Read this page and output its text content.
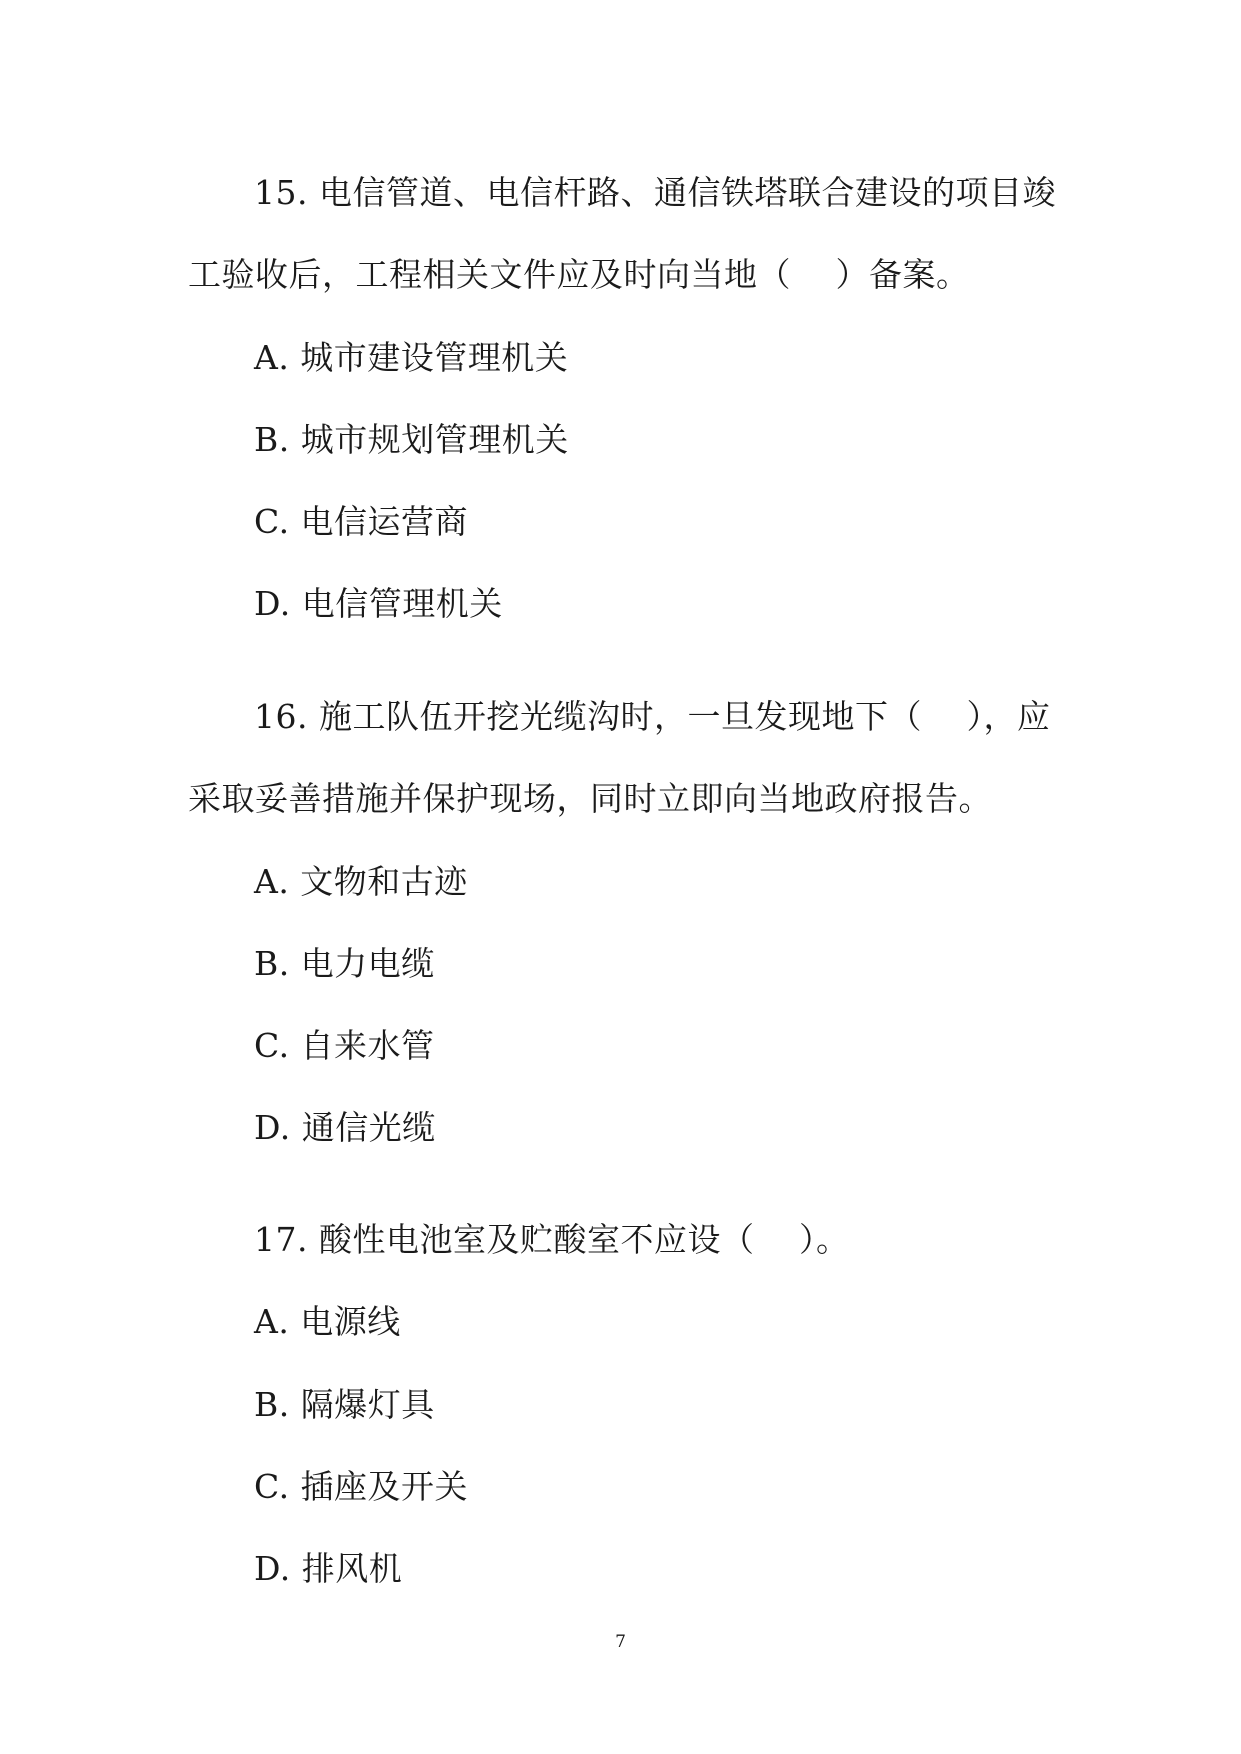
15. 电信管道、电信杆路、通信铁塔联合建设的项目竣
工验收后，工程相关文件应及时向当地（　 ）备案。
A. 城市建设管理机关
B. 城市规划管理机关
C. 电信运营商
D. 电信管理机关
16. 施工队伍开挖光缆沟时，一旦发现地下（　 ），应
采取妥善措施并保护现场，同时立即向当地政府报告。
A. 文物和古迹
B. 电力电缆
C. 自来水管
D. 通信光缆
17. 酸性电池室及贮酸室不应设（　 ）。
A. 电源线
B. 隔爆灯具
C. 插座及开关
D. 排风机
7
